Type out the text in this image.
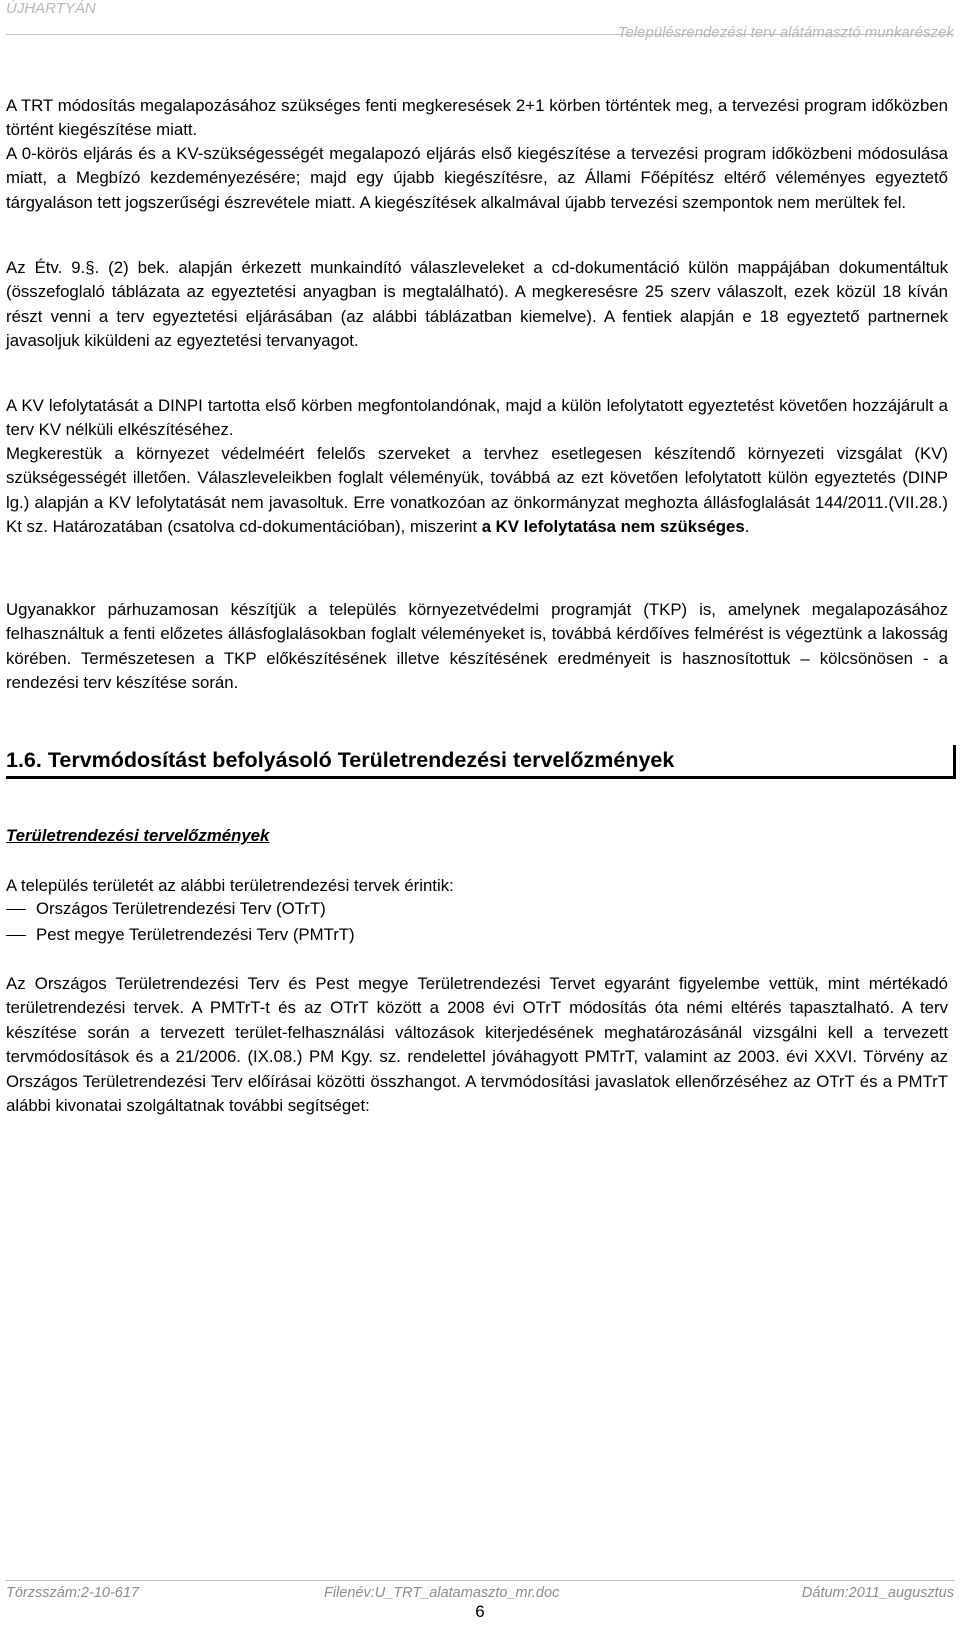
ÚJHARTYÁN
Településrendezési terv alátámasztó munkarészek
A TRT módosítás megalapozásához szükséges fenti megkeresések 2+1 körben történtek meg, a tervezési program időközben történt kiegészítése miatt.
A 0-körös eljárás és a KV-szükségességét megalapozó eljárás első kiegészítése a tervezési program időközbeni módosulása miatt, a Megbízó kezdeményezésére; majd egy újabb kiegészítésre, az Állami Főépítész eltérő véleményes egyeztető tárgyaláson tett jogszerűségi észrevétele miatt. A kiegészítések alkalmával újabb tervezési szempontok nem merültek fel.
Az Étv. 9.§. (2) bek. alapján érkezett munkaindító válaszleveleket a cd-dokumentáció külön mappájában dokumentáltuk (összefoglaló táblázata az egyeztetési anyagban is megtalálható). A megkeresésre 25 szerv válaszolt, ezek közül 18 kíván részt venni a terv egyeztetési eljárásában (az alábbi táblázatban kiemelve). A fentiek alapján e 18 egyeztető partnernek javasoljuk kiküldeni az egyeztetési tervanyagot.
A KV lefolytatását a DINPI tartotta első körben megfontolandónak, majd a külön lefolytatott egyeztetést követően hozzájárult a terv KV nélküli elkészítéséhez.
Megkerestük a környezet védelméért felelős szerveket a tervhez esetlegesen készítendő környezeti vizsgálat (KV) szükségességét illetően. Válaszleveleikben foglalt véleményük, továbbá az ezt követően lefolytatott külön egyeztetés (DINP lg.) alapján a KV lefolytatását nem javasoltuk. Erre vonatkozóan az önkormányzat meghozta állásfoglalását 144/2011.(VII.28.) Kt sz. Határozatában (csatolva cd-dokumentációban), miszerint a KV lefolytatása nem szükséges.
Ugyanakkor párhuzamosan készítjük a település környezetvédelmi programját (TKP) is, amelynek megalapozásához felhasználtuk a fenti előzetes állásfoglalásokban foglalt véleményeket is, továbbá kérdőíves felmérést is végeztünk a lakosság körében. Természetesen a TKP előkészítésének illetve készítésének eredményeit is hasznosítottuk – kölcsönösen - a rendezési terv készítése során.
1.6. Tervmódosítást befolyásoló Területrendezési tervelőzmények
Területrendezési tervelőzmények
A település területét az alábbi területrendezési tervek érintik:
Országos Területrendezési Terv (OTrT)
Pest megye Területrendezési Terv (PMTrT)
Az Országos Területrendezési Terv és Pest megye Területrendezési Tervet egyaránt figyelembe vettük, mint mértékadó területrendezési tervek. A PMTrT-t és az OTrT között a 2008 évi OTrT módosítás óta némi eltérés tapasztalható. A terv készítése során a tervezett terület-felhasználási változások kiterjedésének meghatározásánál vizsgálni kell a tervezett tervmódosítások és a 21/2006. (IX.08.) PM Kgy. sz. rendelettel jóváhagyott PMTrT, valamint az 2003. évi XXVI. Törvény az Országos Területrendezési Terv előírásai közötti összhangot. A tervmódosítási javaslatok ellenőrzéséhez az OTrT és a PMTrT alábbi kivonatai szolgáltatnak további segítséget:
Törzsszám:2-10-617	Filenév:U_TRT_alatamaszto_mr.doc	Dátum:2011_augusztus
6
